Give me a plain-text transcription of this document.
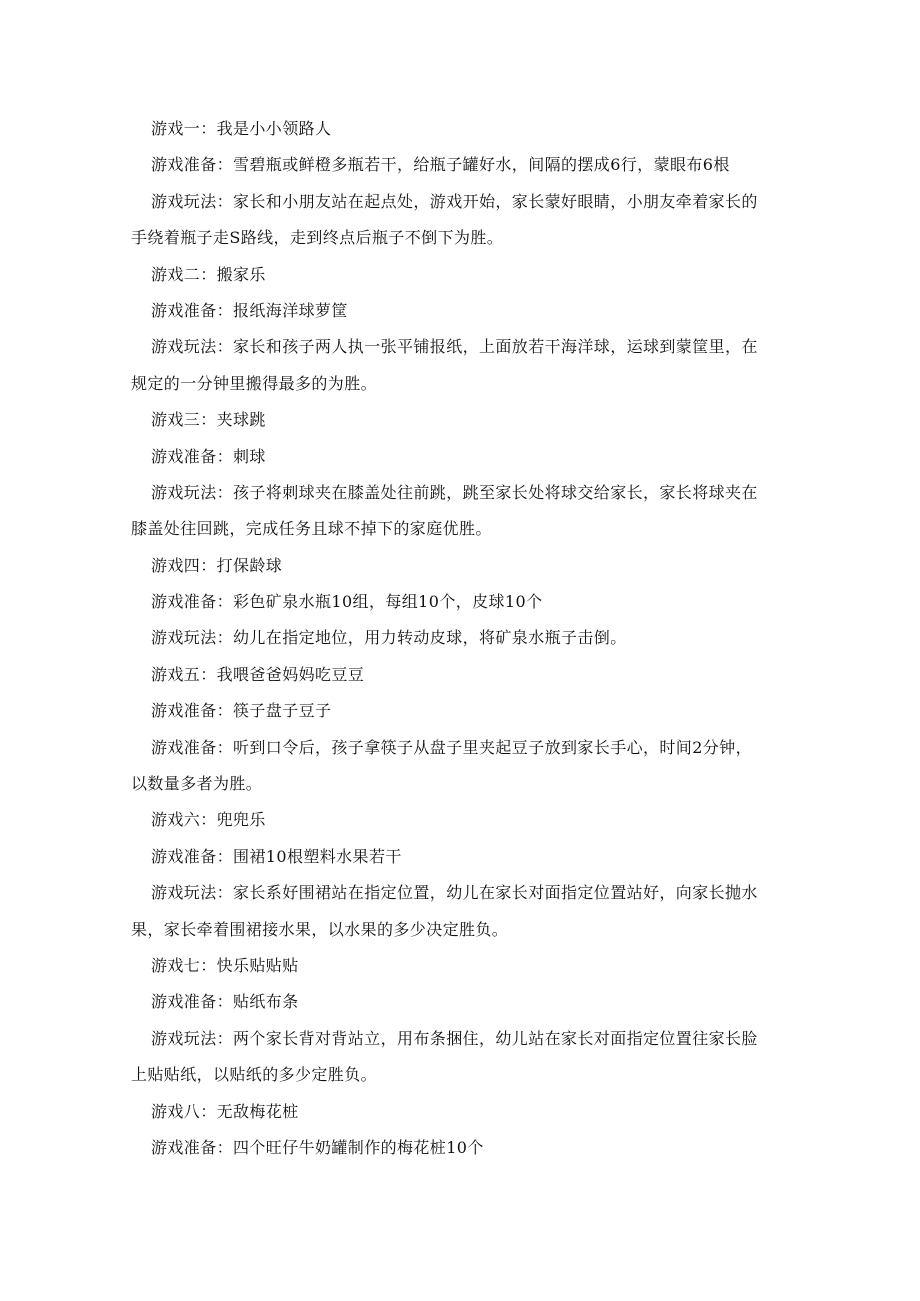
游戏一：我是小小领路人
游戏准备：雪碧瓶或鲜橙多瓶若干，给瓶子罐好水，间隔的摆成6行，蒙眼布6根
游戏玩法：家长和小朋友站在起点处，游戏开始，家长蒙好眼睛，小朋友牵着家长的
手绕着瓶子走S路线，走到终点后瓶子不倒下为胜。
游戏二：搬家乐
游戏准备：报纸海洋球萝筐
游戏玩法：家长和孩子两人执一张平铺报纸，上面放若干海洋球，运球到蒙筐里，在
规定的一分钟里搬得最多的为胜。
游戏三：夹球跳
游戏准备：刺球
游戏玩法：孩子将刺球夹在膝盖处往前跳，跳至家长处将球交给家长，家长将球夹在
膝盖处往回跳，完成任务且球不掉下的家庭优胜。
游戏四：打保龄球
游戏准备：彩色矿泉水瓶10组，每组10个，皮球10个
游戏玩法：幼儿在指定地位，用力转动皮球，将矿泉水瓶子击倒。
游戏五：我喂爸爸妈妈吃豆豆
游戏准备：筷子盘子豆子
游戏准备：听到口令后，孩子拿筷子从盘子里夹起豆子放到家长手心，时间2分钟，
以数量多者为胜。
游戏六：兜兜乐
游戏准备：围裙10根塑料水果若干
游戏玩法：家长系好围裙站在指定位置，幼儿在家长对面指定位置站好，向家长抛水
果，家长牵着围裙接水果，以水果的多少决定胜负。
游戏七：快乐贴贴贴
游戏准备：贴纸布条
游戏玩法：两个家长背对背站立，用布条捆住，幼儿站在家长对面指定位置往家长脸
上贴贴纸，以贴纸的多少定胜负。
游戏八：无敌梅花桩
游戏准备：四个旺仔牛奶罐制作的梅花桩10个
